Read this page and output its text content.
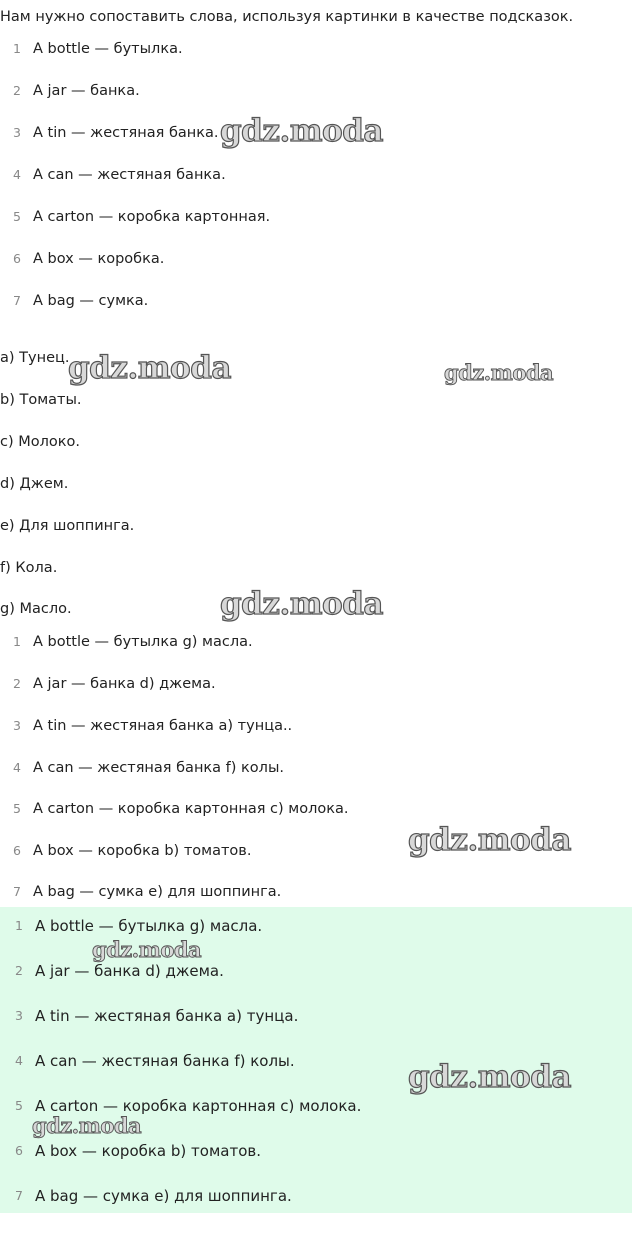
Нам нужно сопоставить слова, используя картинки в качестве подсказок.
1 A bottle — бутылка.
2 A jar — банка.
3 A tin — жестяная банка.
4 A can — жестяная банка.
5 A carton — коробка картонная.
6 A box — коробка.
7 A bag — сумка.
a) Тунец.
b) Томаты.
c) Молоко.
d) Джем.
e) Для шоппинга.
f) Кола.
g) Масло.
1 A bottle — бутылка g) масла.
2 A jar — банка d) джема.
3 A tin — жестяная банка a) тунца..
4 A can — жестяная банка f) колы.
5 A carton — коробка картонная c) молока.
6 A box — коробка b) томатов.
7 A bag — сумка e) для шоппинга.
1 A bottle — бутылка g) масла.
2 A jar — банка d) джема.
3 A tin — жестяная банка a) тунца.
4 A can — жестяная банка f) колы.
5 A carton — коробка картонная c) молока.
6 A box — коробка b) томатов.
7 A bag — сумка e) для шоппинга.
gdz.moda
gdz.moda	gdz.moda
gdz.moda
gdz.moda
gdz.moda
gdz.moda
gdz.moda
